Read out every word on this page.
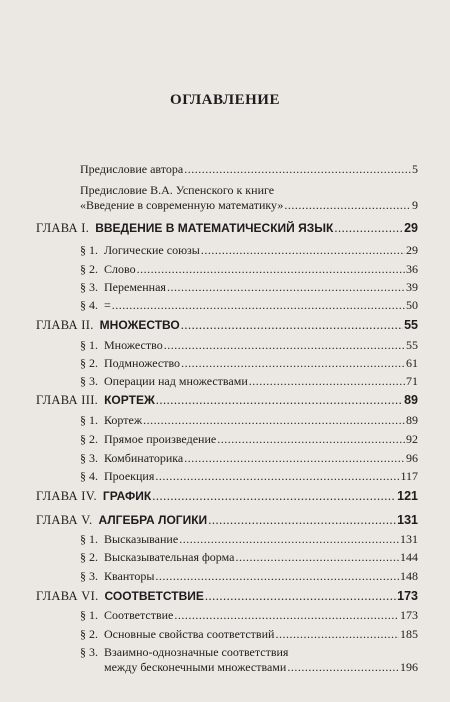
ОГЛАВЛЕНИЕ
Предисловие автора .....	5
Предисловие В.А. Успенского к книге
«Введение в современную математику» .....	9
ГЛАВА I. ВВЕДЕНИЕ В МАТЕМАТИЧЕСКИЙ ЯЗЫК .....	29
§ 1. Логические союзы .....	29
§ 2. Слово .....	36
§ 3. Переменная .....	39
§ 4. = .....	50
ГЛАВА II. МНОЖЕСТВО .....	55
§ 1. Множество .....	55
§ 2. Подмножество .....	61
§ 3. Операции над множествами .....	71
ГЛАВА III. КОРТЕЖ .....	89
§ 1. Кортеж .....	89
§ 2. Прямое произведение .....	92
§ 3. Комбинаторика .....	96
§ 4. Проекция .....	117
ГЛАВА IV. ГРАФИК .....	121
ГЛАВА V. АЛГЕБРА ЛОГИКИ .....	131
§ 1. Высказывание .....	131
§ 2. Высказывательная форма .....	144
§ 3. Кванторы .....	148
ГЛАВА VI. СООТВЕТСТВИЕ .....	173
§ 1. Соответствие .....	173
§ 2. Основные свойства соответствий .....	185
§ 3. Взаимно-однозначные соответствия
между бесконечными множествами .....	196
